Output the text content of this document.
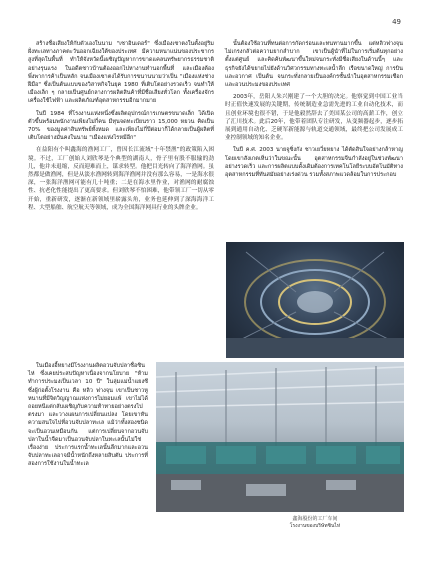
49

สร้างชื่อเสียงให้กับตัวเองในนาม "เซาอินเดอร์" ซึ่งเมืองเซาตงในตั้งอยู่ริมฝั่งทะเลทางภาคตะวันออกเฉียงใต้ของประเทศ มีความหนาแน่นของประชากรสูงที่สุดในพื้นที่ ทำให้จังหวัดนี้เผชิญปัญหาการขาดแคลนทรัพยากรธรรมชาติอย่างรุนแรง ในอดีตชาวบ้านต้องออกไปหางานทำนอกพื้นที่ และเมืองต้องพึ่งพาการค้าเป็นหลัก จนเมืองเซาตงได้รับการขนานนามว่าเป็น "เมืองแห่งช่างฝีมือ" ซึ่งเป็นต้นแบบของวิสาหกิจในยุค 1980 ที่เติบโตอย่างรวดเร็ว จนทำให้เมืองเล็ก ๆ กลายเป็นศูนย์กลางการผลิตสินค้าที่มีชื่อเสียงทั่วโลก ทั้งเครื่องจักร เครื่องใช้ไฟฟ้า และผลิตภัณฑ์อุตสาหกรรมอีกมากมาย

ในปี 1984 ที่โรงงานแห่งหนึ่งซึ่งผลิตอุปกรณ์การเกษตรขนาดเล็ก ได้เปิดตัวขึ้นพร้อมพนักงานเพียงไม่กี่คน มีทุนจดทะเบียนราว 15,000 หยวน คิดเป็น 70% ของมูลค่าสินทรัพย์ทั้งหมด และเพียงไม่กี่ปีต่อมาก็ได้กลายเป็นผู้ผลิตที่เติบโตอย่างมั่นคงในนาม "เมืองแห่งไรหมีอีก"

在益阳有个叫鑫海的渔网工厂，曾因长江流域“十年禁渔”的政策陷入困境。不过，工厂创始人刘欣琴是个典型的湖南人，骨子里有股不服输的劲儿，他并未退缩，反而迎难而上，谋求转型。他把目光转向了海洋渔网。虽然都是做渔网，但是从淡水渔网转到海洋渔网并没有那么容易，一是海水很深，一张海洋渔网可能有几十吨重；二是在海水里作业，对渔网的耐腐蚀性、抗老化性能提出了更高要求。但刘欣琴不怕困难，他带领工厂一切从零开始，重新研发，逐渐在新领域里崭露头角，业务也延伸到了深海海洋工程、大型船舶、航空航天等领域，成为全国海洋网具行业的头牌企业。

นั้นต้องใช้อวนที่ทนต่อการกัดกร่อนและทนทานมากขึ้น แต่หลิวฟางจุนไม่เกรงกลัวต่อความยากลำบาก เขาเป็นผู้นำที่ไม่ในการเริ่มต้นทุกอย่างตั้งแต่ศูนย์ และคิดค้นพัฒนาขึ้นใหม่จนกระทั่งมีชื่อเสียงในด้านนี้ๆ และธุรกิจยังได้ขยายไปยังด้านวิศวกรรมทางทะเลน้ำลึก เรือขนาดใหญ่ การบินและอวกาศ เป็นต้น จนกระทั่งกลายเป็นองค์กรชั้นนำในอุตสาหกรรมเชือกและอวนประมงของประเทศ

2003年，岳阳人朱兴刚建了一个大胆的决定。他察觉到中国工业当时正值快速发展的关键期，传统制造业急需先进的工业自动化技术，而且创业环境也很不错，于是他毅然辞去了美国某公司的高薪工作，创立了汇川技术。此后20年，他带着团队专注研发，从变频器起步，逐步拓展到通用自动化、乏硬军新能源与轨道交通领域，最终把公司发展成工业控制领域的知名企业。

ในปี ค.ศ. 2003 นายจูซิ่งกัง ชาวเยวี่ยหยาง ได้ตัดสินใจอย่างกล้าหาญ โดยเขาสังเกตเห็นว่าในขณะนั้น อุตสาหกรรมจีนกำลังอยู่ในช่วงพัฒนาอย่างรวดเร็ว และการผลิตแบบดั้งเดิมต้องการเทคโนโลยีระบบอัตโนมัติทางอุตสาหกรรมที่ทันสมัยอย่างเร่งด่วน รวมทั้งสภาพแวดล้อมในการประกอบ

ในเมืองอี้หยางมีโรงงานผลิตอวนจับปลาชื่อซินไห่ ซึ่งเคยประสบปัญหาเนื่องจากนโยบาย "ห้ามทำการประมงเป็นเวลา 10 ปี" ในลุ่มแม่น้ำแยงซี ซึ่งผู้ก่อตั้งโรงงาน คือ หลิว ฟางจุน เขาเป็นชาวหูหนานที่มีจิตวิญญาณแห่งการไม่ยอมแพ้ เขาไม่ได้ถอยหนีแต่กลับเผชิญกับความท้าทายอย่างตรงไปตรงมา และวางแผนการเปลี่ยนแปลง โดยเขาหันความสนใจไปที่อวนจับปลาทะเล แม้ว่าทั้งสองชนิดจะเป็นอวนเหมือนกัน แต่การเปลี่ยนจากอวนจับปลาในน้ำจืดมาเป็นอวนจับปลาในทะเลนั้นไม่ใช่เรื่องง่าย ประการแรกน้ำทะเลนั้นลึกมากและอวนจับปลาทะเลอาจมีน้ำหนักถึงหลายสิบตัน ประการที่สองการใช้งานในน้ำทะเล

鑫海股份的工厂车间
โรงงานของบริษัทซินไห่
